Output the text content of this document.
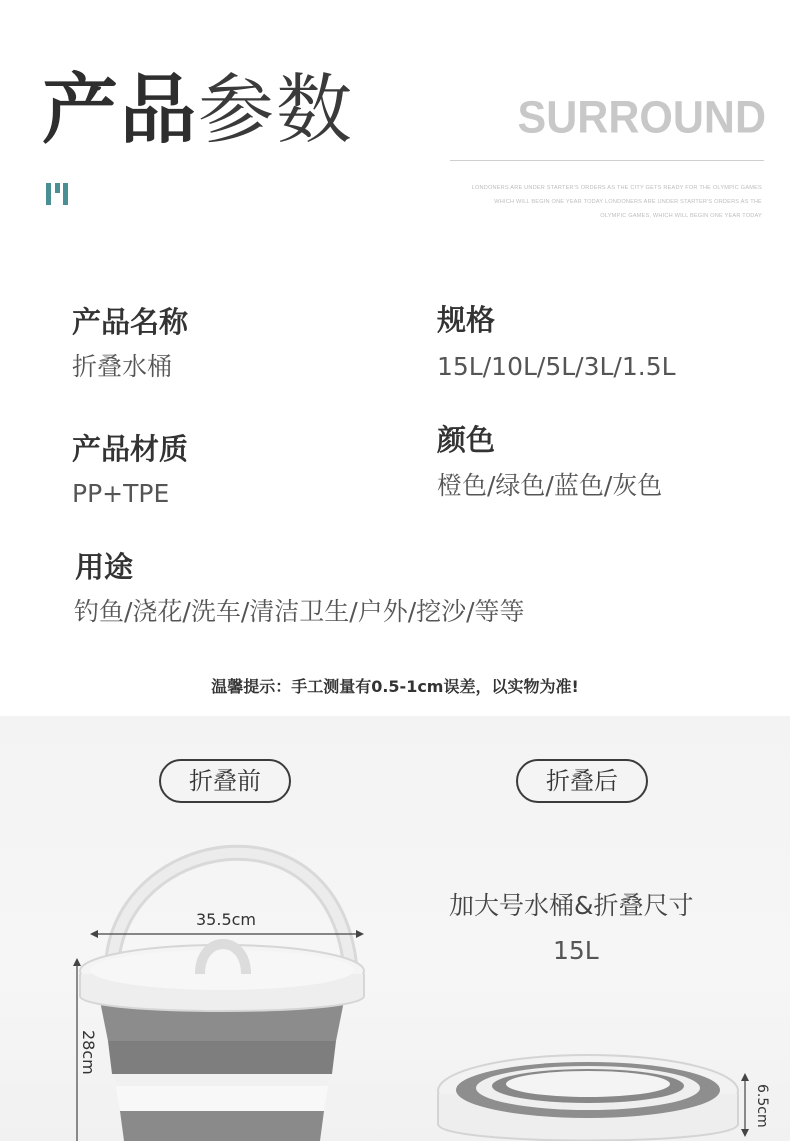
产品参数	SURROUND
LONDONERS ARE UNDER STARTER'S ORDERS AS THE CITY GETS READY FOR THE OLYMPIC GAMES
WHICH WILL BEGIN ONE YEAR TODAY LONDONERS ARE UNDER STARTER'S ORDERS AS THE
OLYMPIC GAMES, WHICH WILL BEGIN ONE YEAR TODAY
产品名称
折叠水桶
规格
15L/10L/5L/3L/1.5L
产品材质
PP+TPE
颜色
橙色/绿色/蓝色/灰色
用途
钓鱼/浇花/洗车/清洁卫生/户外/挖沙/等等
温馨提示：手工测量有0.5-1cm误差，以实物为准!
折叠前	折叠后
加大号水桶&折叠尺寸
15L
35.5cm
28cm
6.5cm
